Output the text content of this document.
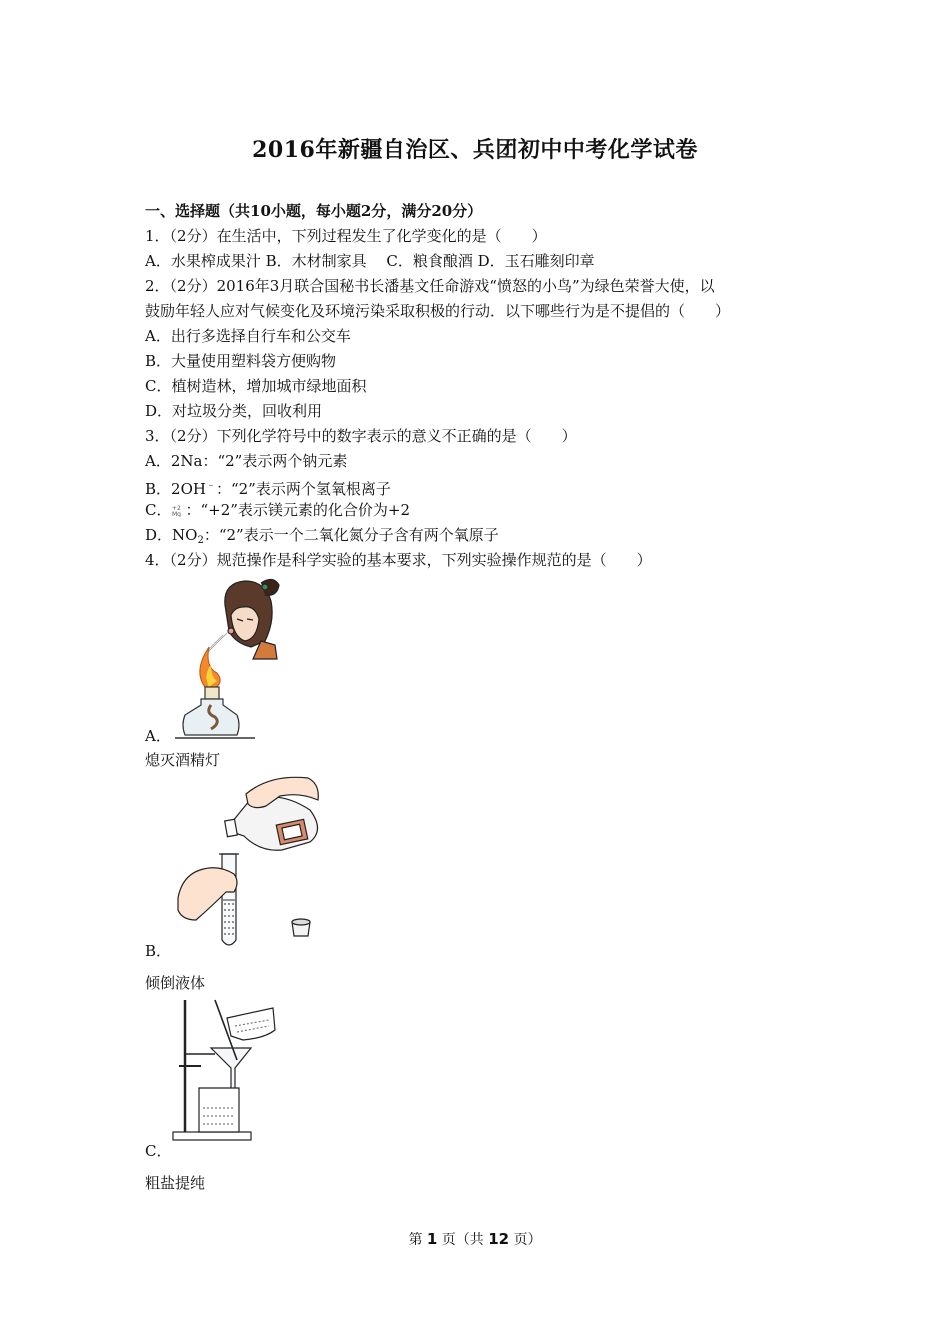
2016年新疆自治区、兵团初中中考化学试卷
一、选择题（共10小题，每小题2分，满分20分）
1．（2分）在生活中，下列过程发生了化学变化的是（　　）
A．水果榨成果汁 B．木材制家具　 C．粮食酿酒 D．玉石雕刻印章
2．（2分）2016年3月联合国秘书长潘基文任命游戏“愤怒的小鸟”为绿色荣誉大使，以
鼓励年轻人应对气候变化及环境污染采取积极的行动．以下哪些行为是不提倡的（　　）
A．出行多选择自行车和公交车
B．大量使用塑料袋方便购物
C．植树造林，增加城市绿地面积
D．对垃圾分类，回收利用
3．（2分）下列化学符号中的数字表示的意义不正确的是（　　）
A．2Na：“2”表示两个钠元素
B．2OH﹣：“2”表示两个氢氧根离子
C． +2
Mg ：“+2”表示镁元素的化合价为+2
D．$NO_2$：“2”表示一个二氧化氮分子含有两个氧原子
4．（2分）规范操作是科学实验的基本要求，下列实验操作规范的是（　　）
A．
熄灭酒精灯
B．
倾倒液体
C．
粗盐提纯
第 1 页（共 12 页）
